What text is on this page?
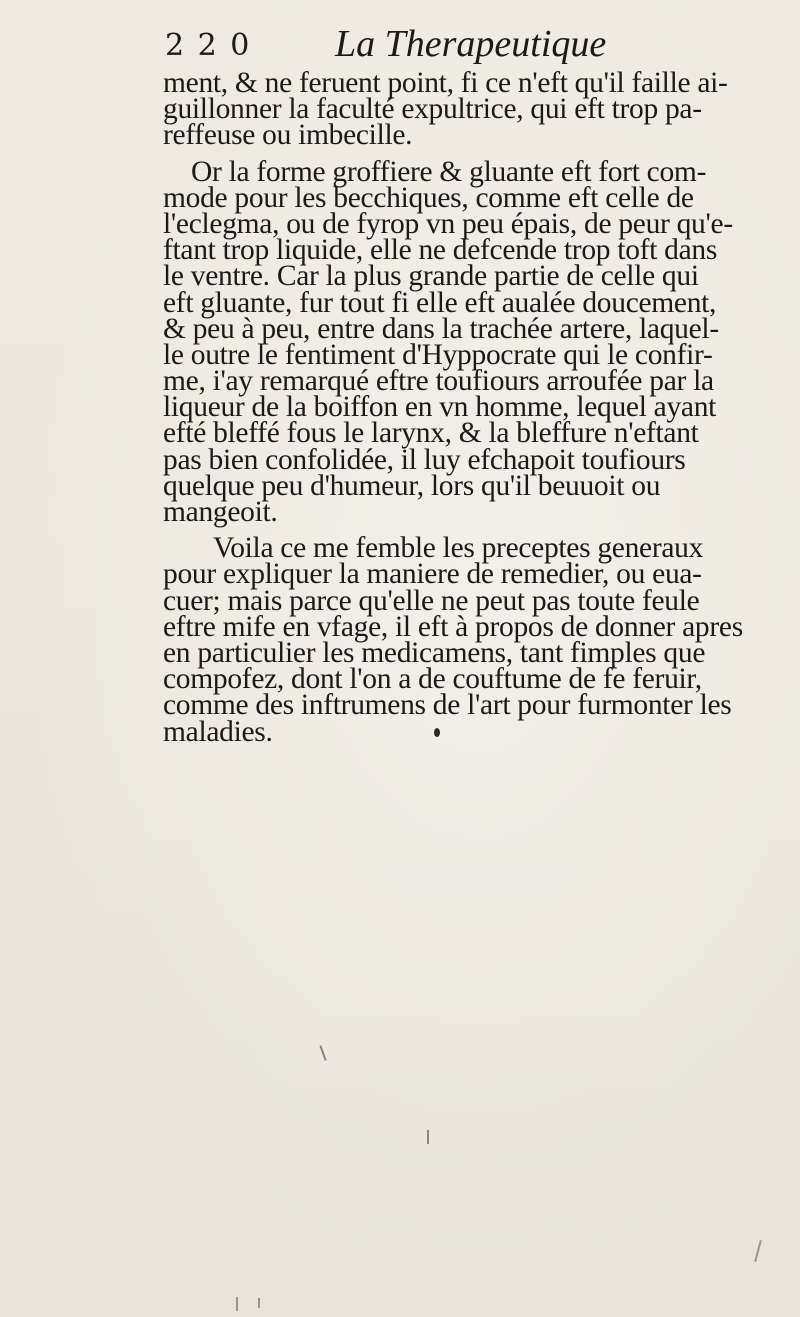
2 2 0 La Therapeutique
ment, & ne feruent point, fi ce n'eft qu'il faille ai-
guillonner la faculté expultrice, qui eft trop pa-
reffeuse ou imbecille.
Or la forme groffiere & gluante eft fort com-
mode pour les becchiques, comme eft celle de
l'eclegma, ou de fyrop vn peu épais, de peur qu'e-
ftant trop liquide, elle ne defcende trop toft dans
le ventre. Car la plus grande partie de celle qui
eft gluante, fur tout fi elle eft aualée doucement,
& peu à peu, entre dans la trachée artere, laquel-
le outre le fentiment d'Hyppocrate qui le confir-
me, i'ay remarqué eftre toufiours arroufée par la
liqueur de la boiffon en vn homme, lequel ayant
efté bleffé fous le larynx, & la bleffure n'eftant
pas bien confolidée, il luy efchapoit toufiours
quelque peu d'humeur, lors qu'il beuuoit ou
mangeoit.
Voila ce me femble les preceptes generaux
pour expliquer la maniere de remedier, ou eua-
cuer; mais parce qu'elle ne peut pas toute feule
eftre mife en vfage, il eft à propos de donner apres
en particulier les medicamens, tant fimples que
compofez, dont l'on a de couftume de fe feruir,
comme des inftrumens de l'art pour furmonter les
maladies.
